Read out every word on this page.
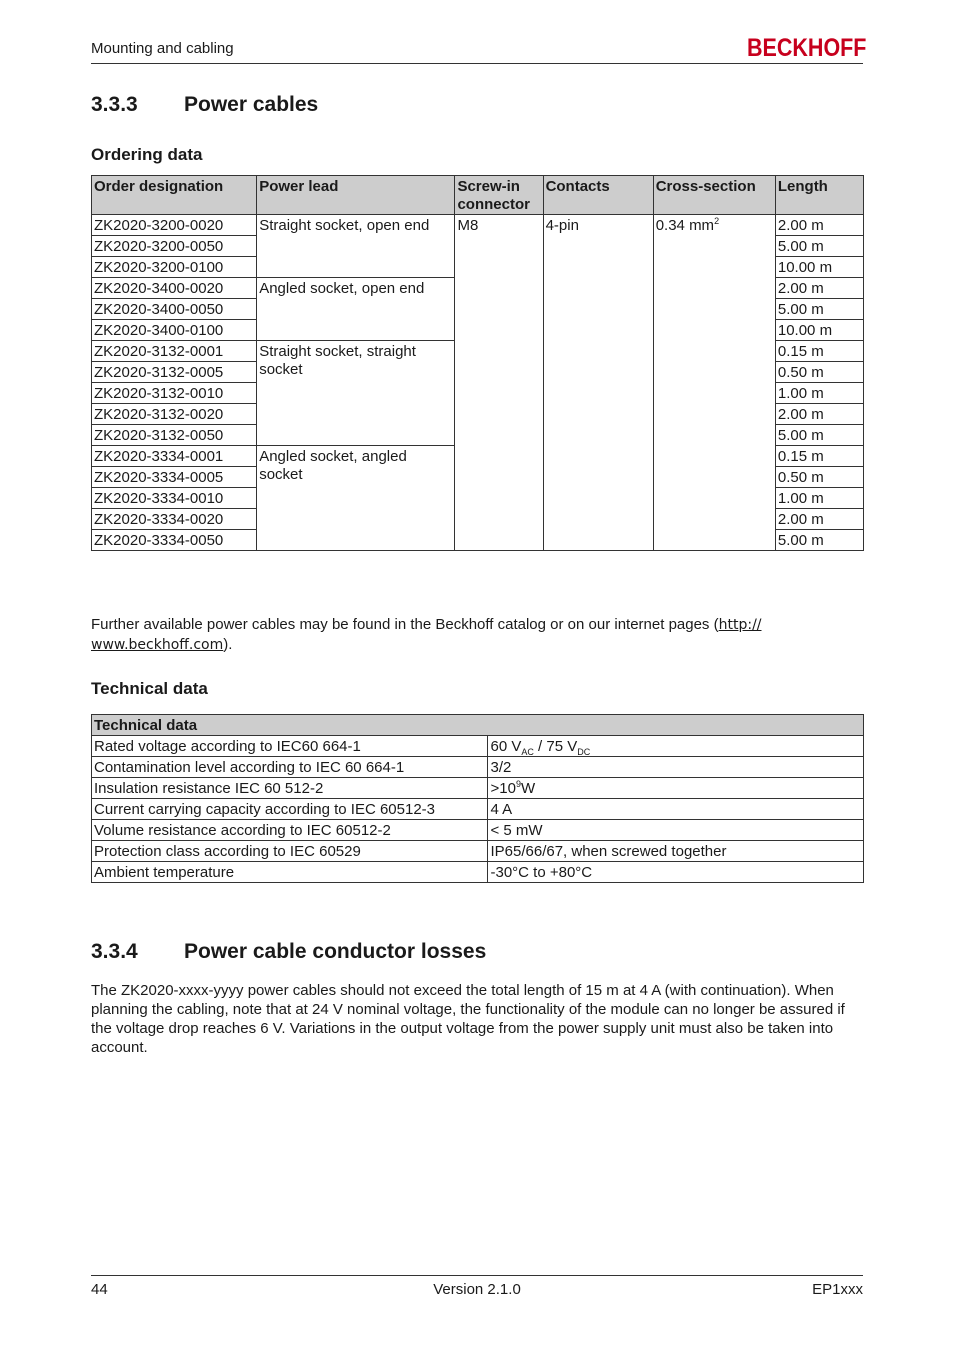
Mounting and cabling	BECKHOFF
3.3.3 Power cables
Ordering data
Order designation	Power lead	Screw-in connector	Contacts	Cross-section	Length
ZK2020-3200-0020	Straight socket, open end	M8	4-pin	0.34 $mm^2$	2.00 m
ZK2020-3200-0050					5.00 m
ZK2020-3200-0100					10.00 m
ZK2020-3400-0020	Angled socket, open end				2.00 m
ZK2020-3400-0050					5.00 m
ZK2020-3400-0100					10.00 m
ZK2020-3132-0001	Straight socket, straight socket				0.15 m
ZK2020-3132-0005					0.50 m
ZK2020-3132-0010					1.00 m
ZK2020-3132-0020					2.00 m
ZK2020-3132-0050					5.00 m
ZK2020-3334-0001	Angled socket, angled socket				0.15 m
ZK2020-3334-0005					0.50 m
ZK2020-3334-0010					1.00 m
ZK2020-3334-0020					2.00 m
ZK2020-3334-0050					5.00 m
Further available power cables may be found in the Beckhoff catalog or on our internet pages (http://
www.beckhoff.com).
Technical data
Technical data	
Rated voltage according to IEC60 664-1	60 $V_{AC} / 75$ $V_{DC}$
Contamination level according to IEC 60 664-1	3/2
Insulation resistance IEC 60 512-2	$>10^9W$
Current carrying capacity according to IEC 60512-3	4 A
Volume resistance according to IEC 60512-2	< 5 mW
Protection class according to IEC 60529	IP65/66/67, when screwed together
Ambient temperature	-30°C to +80°C
3.3.4 Power cable conductor losses
The ZK2020-xxxx-yyyy power cables should not exceed the total length of 15 m at 4 A (with continuation). When planning the cabling, note that at 24 V nominal voltage, the functionality of the module can no longer be assured if the voltage drop reaches 6 V. Variations in the output voltage from the power supply unit must also be taken into account.
44	Version 2.1.0	EP1xxx
